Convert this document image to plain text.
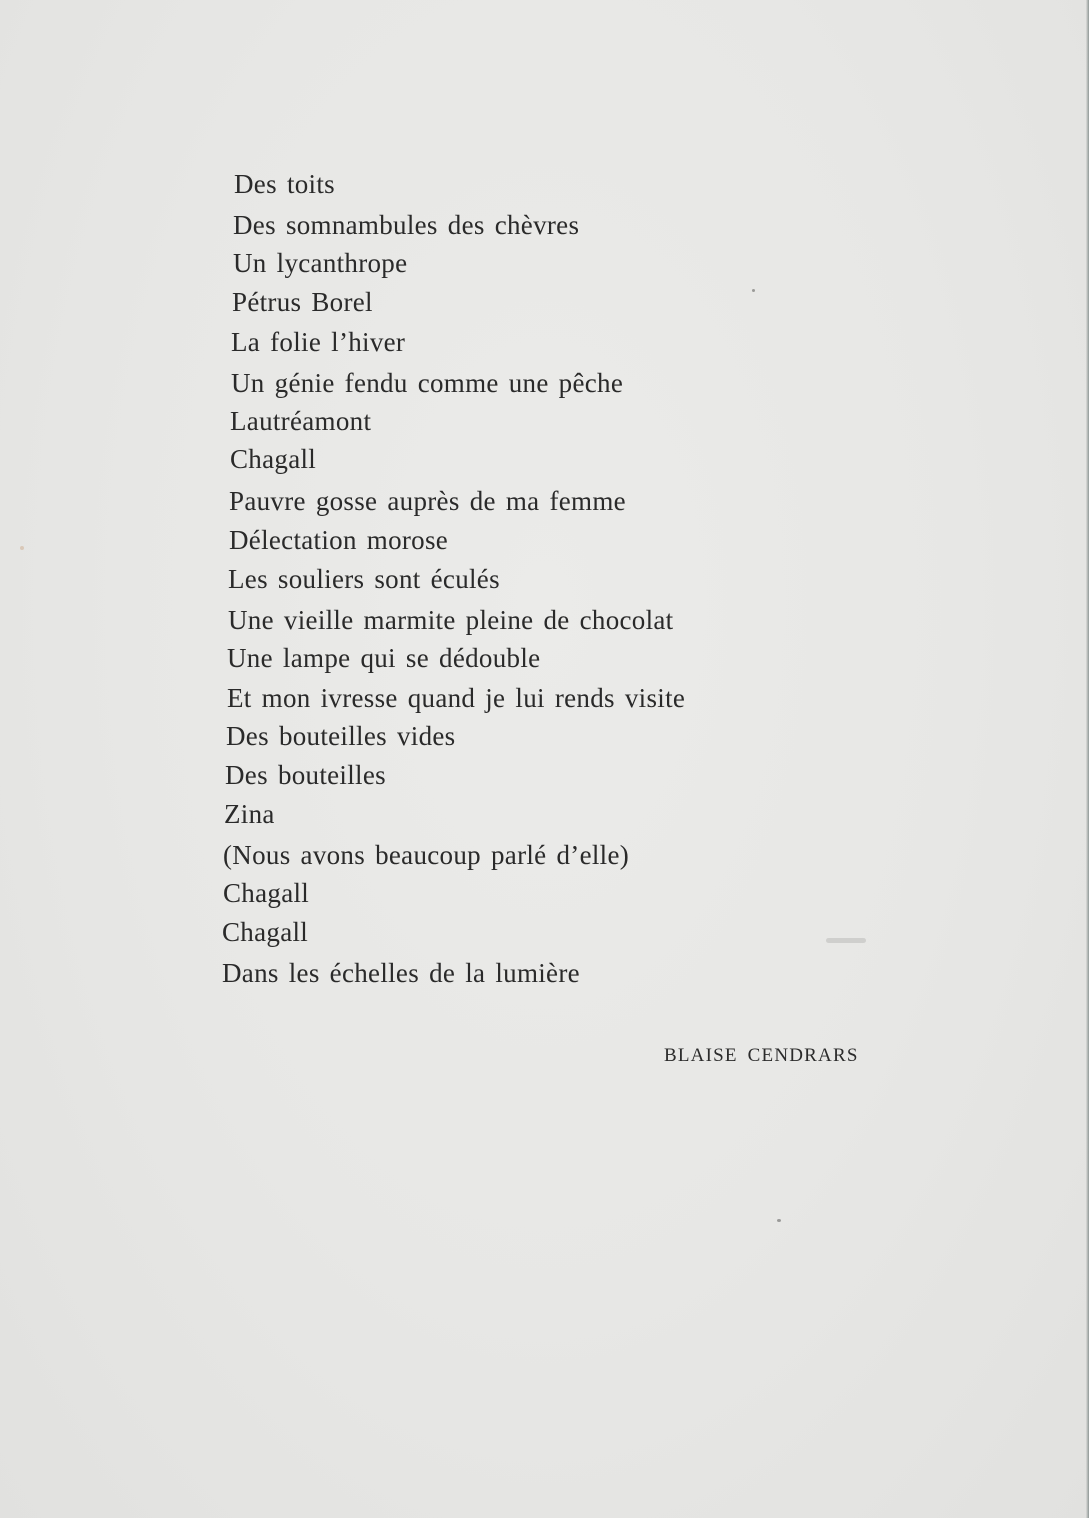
Des toits
Des somnambules des chèvres
Un lycanthrope
Pétrus Borel
La folie l’hiver
Un génie fendu comme une pêche
Lautréamont
Chagall
Pauvre gosse auprès de ma femme
Délectation morose
Les souliers sont éculés
Une vieille marmite pleine de chocolat
Une lampe qui se dédouble
Et mon ivresse quand je lui rends visite
Des bouteilles vides
Des bouteilles
Zina
(Nous avons beaucoup parlé d’elle)
Chagall
Chagall
Dans les échelles de la lumière
BLAISE CENDRARS
